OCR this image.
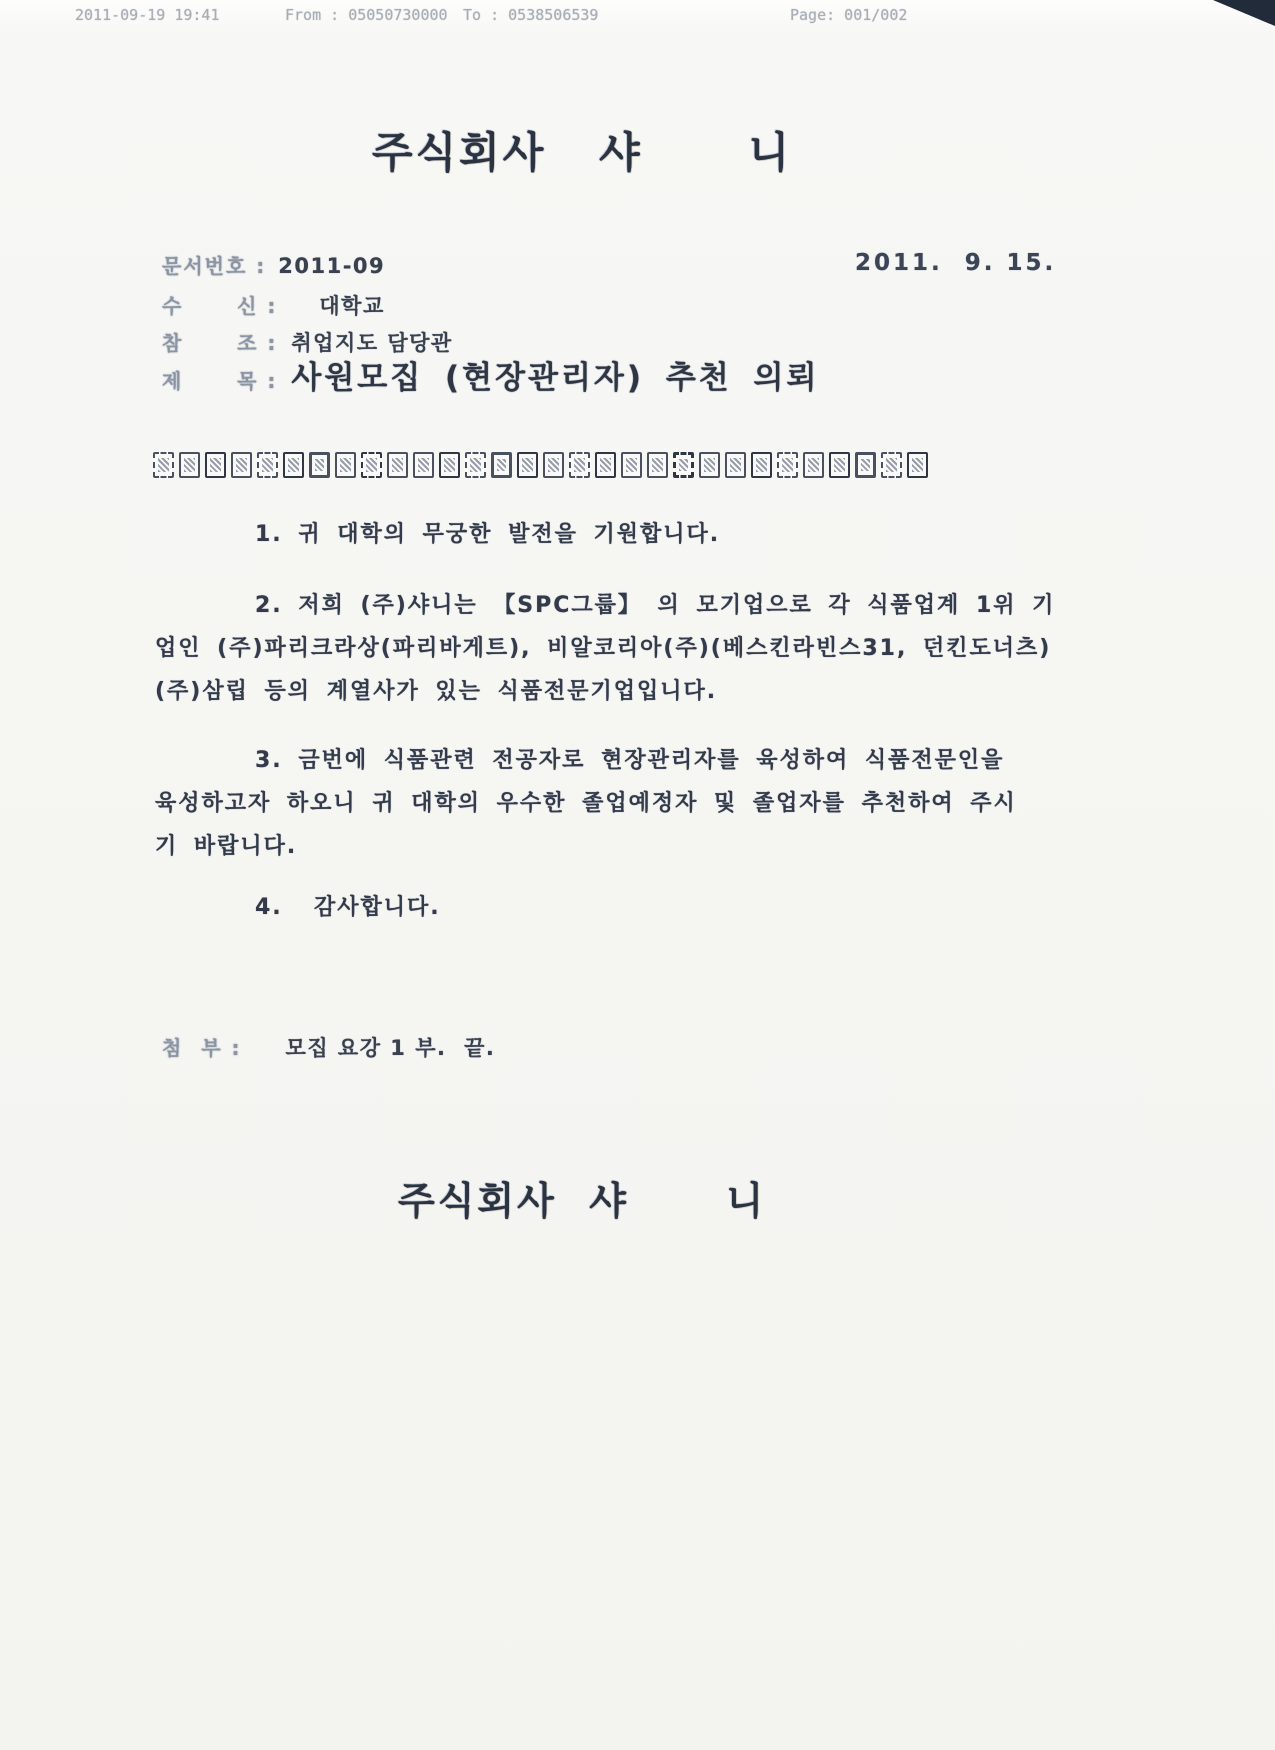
2011-09-19 19:41	From : 05050730000 To : 0538506539	Page: 001/002
주식회사   샤      니
문서번호 : 2011-09	2011.  9. 15.
수      신 : 대학교
참      조 : 취업지도 담당관
제      목 : 사원모집 (현장관리자) 추천 의뢰
1. 귀 대학의 무궁한 발전을 기원합니다.
2. 저희 (주)샤니는 【SPC그룹】 의 모기업으로 각 식품업계 1위 기
업인 (주)파리크라상(파리바게트), 비알코리아(주)(베스킨라빈스31, 던킨도너츠)
(주)삼립 등의 계열사가 있는 식품전문기업입니다.
3. 금번에 식품관련 전공자로 현장관리자를 육성하여 식품전문인을
육성하고자 하오니 귀 대학의 우수한 졸업예정자 및 졸업자를 추천하여 주시
기 바랍니다.
4.  감사합니다.
첨  부 : 모집 요강 1 부.  끝.
주식회사  샤      니
